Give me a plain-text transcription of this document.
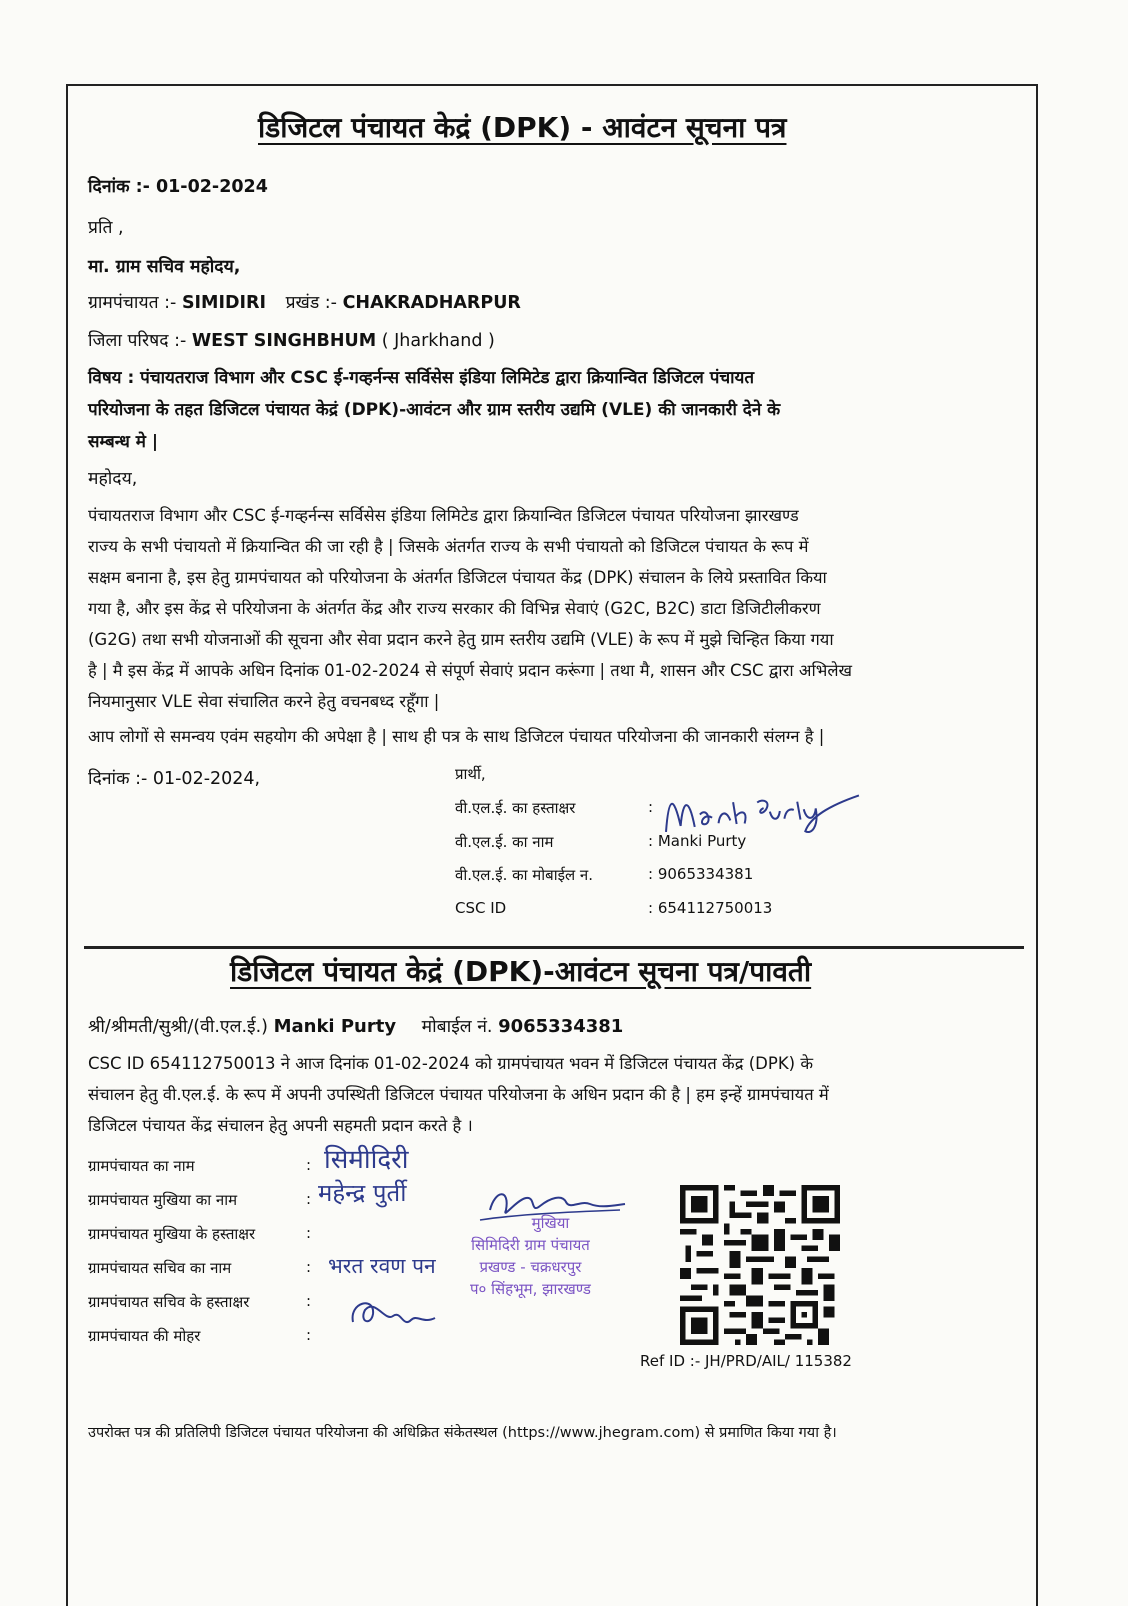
डिजिटल पंचायत केद्रं (DPK) - आवंटन सूचना पत्र
दिनांक :- 01-02-2024
प्रति ,
मा. ग्राम सचिव महोदय,
ग्रामपंचायत :- SIMIDIRI प्रखंड :- CHAKRADHARPUR
जिला परिषद :- WEST SINGHBHUM ( Jharkhand )
विषय : पंचायतराज विभाग और CSC ई-गव्हर्नन्स सर्विसेस इंडिया लिमिटेड द्वारा क्रियान्वित डिजिटल पंचायत
परियोजना के तहत डिजिटल पंचायत केद्रं (DPK)-आवंटन और ग्राम स्तरीय उद्यमि (VLE) की जानकारी देने के
सम्बन्ध मे |
महोदय,
पंचायतराज विभाग और CSC ई-गव्हर्नन्स सर्विसेस इंडिया लिमिटेड द्वारा क्रियान्वित डिजिटल पंचायत परियोजना झारखण्ड
राज्य के सभी पंचायतो में क्रियान्वित की जा रही है | जिसके अंतर्गत राज्य के सभी पंचायतो को डिजिटल पंचायत के रूप में
सक्षम बनाना है, इस हेतु ग्रामपंचायत को परियोजना के अंतर्गत डिजिटल पंचायत केंद्र (DPK) संचालन के लिये प्रस्तावित किया
गया है, और इस केंद्र से परियोजना के अंतर्गत केंद्र और राज्य सरकार की विभिन्न सेवाएं (G2C, B2C) डाटा डिजिटीलीकरण
(G2G) तथा सभी योजनाओं की सूचना और सेवा प्रदान करने हेतु ग्राम स्तरीय उद्यमि (VLE) के रूप में मुझे चिन्हित किया गया
है | मै इस केंद्र में आपके अधिन दिनांक 01-02-2024 से संपूर्ण सेवाएं प्रदान करूंगा | तथा मै, शासन और CSC द्वारा अभिलेख
नियमानुसार VLE सेवा संचालित करने हेतु वचनबध्द रहूँगा |
आप लोगों से समन्वय एवंम सहयोग की अपेक्षा है | साथ ही पत्र के साथ डिजिटल पंचायत परियोजना की जानकारी संलग्न है |
दिनांक :- 01-02-2024,	प्रार्थी,
वी.एल.ई. का हस्ताक्षर	:
वी.एल.ई. का नाम	: Manki Purty
वी.एल.ई. का मोबाईल न.	: 9065334381
CSC ID	: 654112750013
डिजिटल पंचायत केद्रं (DPK)-आवंटन सूचना पत्र/पावती
श्री/श्रीमती/सुश्री/(वी.एल.ई.) Manki Purty मोबाईल नं. 9065334381
CSC ID 654112750013 ने आज दिनांक 01-02-2024 को ग्रामपंचायत भवन में डिजिटल पंचायत केंद्र (DPK) के
संचालन हेतु वी.एल.ई. के रूप में अपनी उपस्थिती डिजिटल पंचायत परियोजना के अधिन प्रदान की है | हम इन्हें ग्रामपंचायत में
डिजिटल पंचायत केंद्र संचालन हेतु अपनी सहमती प्रदान करते है ।
ग्रामपंचायत का नाम	: सिमीदिरी
ग्रामपंचायत मुखिया का नाम	: महेन्द्र पुर्ती
ग्रामपंचायत मुखिया के हस्ताक्षर	:
ग्रामपंचायत सचिव का नाम	: भरत रवण पन
ग्रामपंचायत सचिव के हस्ताक्षर	:
ग्रामपंचायत की मोहर	:
मुखिया
सिमिदिरी ग्राम पंचायत
प्रखण्ड - चक्रधरपुर
प० सिंहभूम, झारखण्ड
Ref ID :- JH/PRD/AIL/ 115382
उपरोक्त पत्र की प्रतिलिपी डिजिटल पंचायत परियोजना की अधिक्रित संकेतस्थल (https://www.jhegram.com) से प्रमाणित किया गया है।
